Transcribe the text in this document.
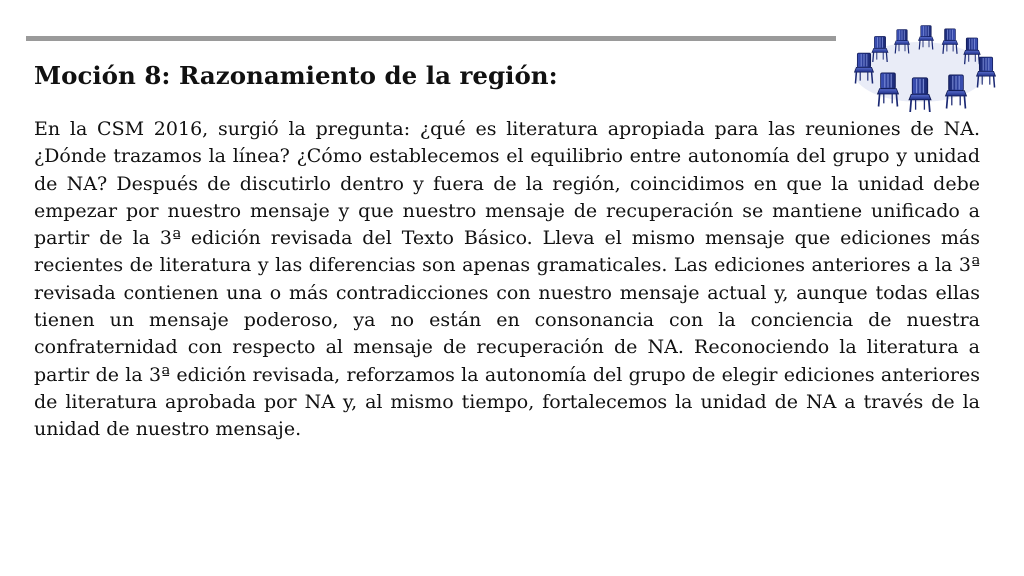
Moción 8: Razonamiento de la región:

En la CSM 2016, surgió la pregunta: ¿qué es literatura apropiada para las reuniones de NA. ¿Dónde trazamos la línea? ¿Cómo establecemos el equilibrio entre autonomía del grupo y unidad de NA? Después de discutirlo dentro y fuera de la región, coincidimos en que la unidad debe empezar por nuestro mensaje y que nuestro mensaje de recuperación se mantiene unificado a partir de la 3ª edición revisada del Texto Básico. Lleva el mismo mensaje que ediciones más recientes de literatura y las diferencias son apenas gramaticales. Las ediciones anteriores a la 3ª revisada contienen una o más contradicciones con nuestro mensaje actual y, aunque todas ellas tienen un mensaje poderoso, ya no están en consonancia con la conciencia de nuestra confraternidad con respecto al mensaje de recuperación de NA. Reconociendo la literatura a partir de la 3ª edición revisada, reforzamos la autonomía del grupo de elegir ediciones anteriores de literatura aprobada por NA y, al mismo tiempo, fortalecemos la unidad de NA a través de la unidad de nuestro mensaje.
